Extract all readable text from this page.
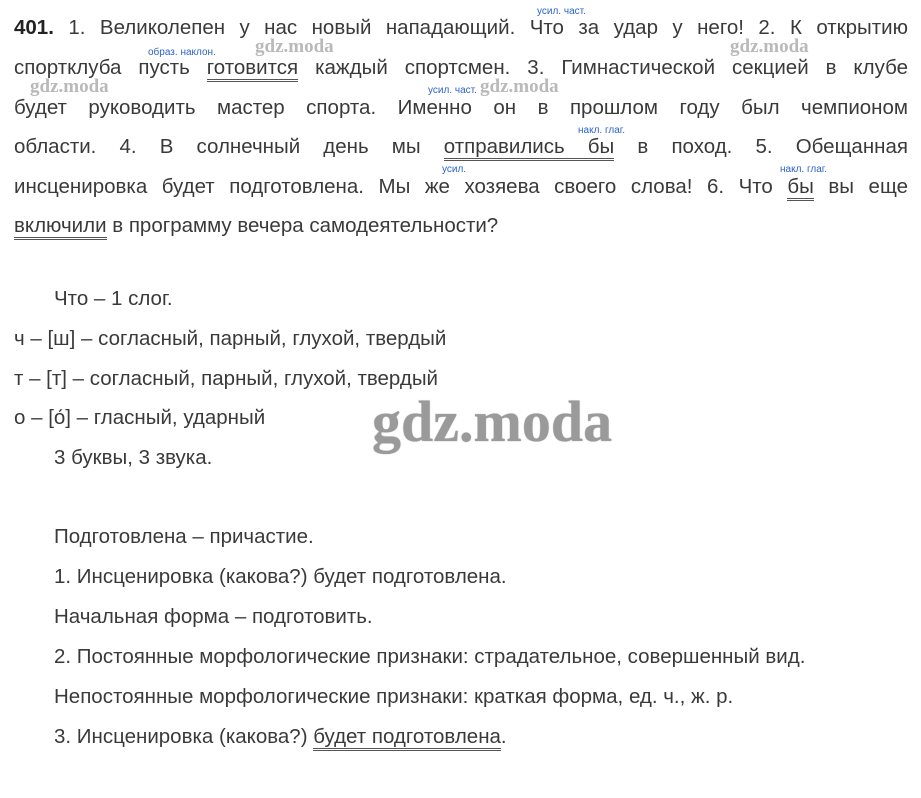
усил. част.
образ. наклон.
накл. глаг.
усил. част.
усил.	накл. глаг.
gdz.moda	gdz.moda
gdz.moda	gdz.moda
401. 1. Великолепен у нас новый нападающий. Что за удар у него! 2. К открытию
спортклуба пусть готовится каждый спортсмен. 3. Гимнастической секцией в клубе
будет руководить мастер спорта. Именно он в прошлом году был чемпионом
области. 4. В солнечный день мы отправились бы в поход. 5. Обещанная
инсценировка будет подготовлена. Мы же хозяева своего слова! 6. Что бы вы еще
включили в программу вечера самодеятельности?
Что – 1 слог.
ч – [ш] – согласный, парный, глухой, твердый
т – [т] – согласный, парный, глухой, твердый
о – [о́] – гласный, ударный
3 буквы, 3 звука.
gdz.moda
Подготовлена – причастие.
1. Инсценировка (какова?) будет подготовлена.
Начальная форма – подготовить.
2. Постоянные морфологические признаки: страдательное, совершенный вид.
Непостоянные морфологические признаки: краткая форма, ед. ч., ж. р.
3. Инсценировка (какова?) будет подготовлена.
